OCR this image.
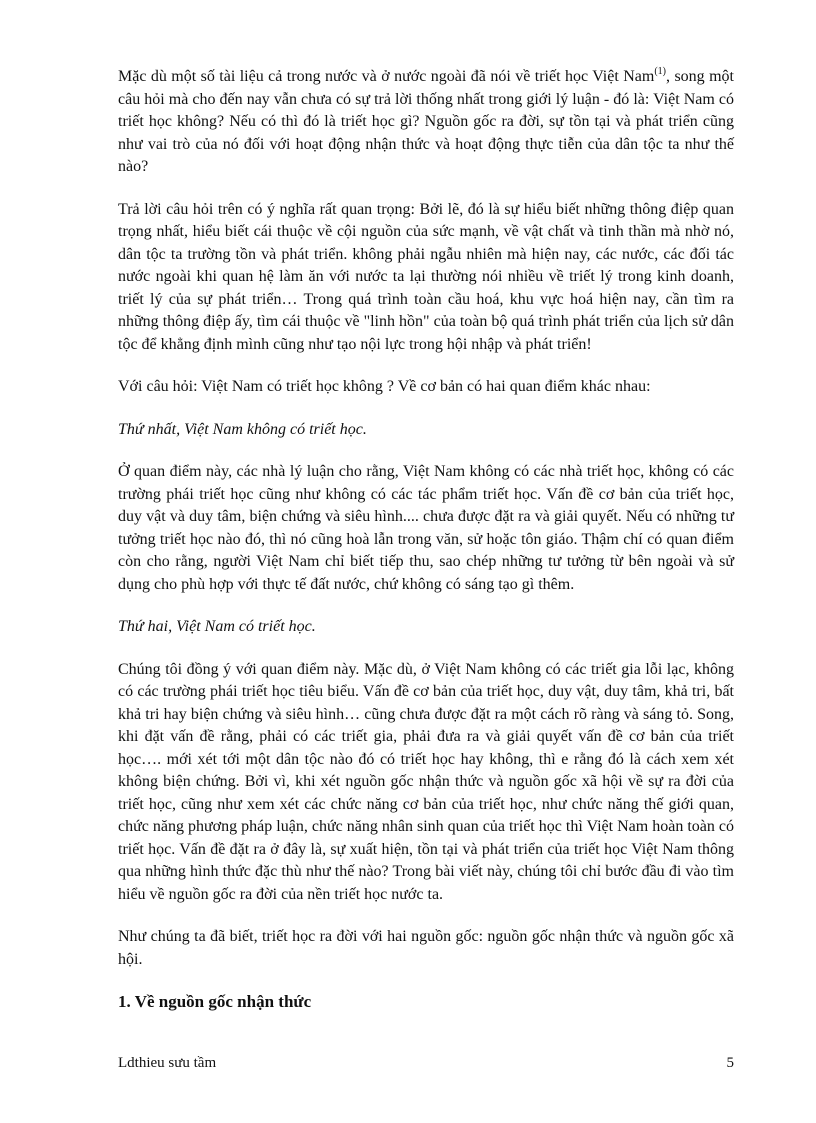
Mặc dù một số tài liệu cả trong nước và ở nước ngoài đã nói về triết học Việt Nam$^{(1)}$, song một câu hỏi mà cho đến nay vẫn chưa có sự trả lời thống nhất trong giới lý luận - đó là: Việt Nam có triết học không? Nếu có thì đó là triết học gì? Nguồn gốc ra đời, sự tồn tại và phát triển cũng như vai trò của nó đối với hoạt động nhận thức và hoạt động thực tiễn của dân tộc ta như thế nào?

Trả lời câu hỏi trên có ý nghĩa rất quan trọng: Bởi lẽ, đó là sự hiểu biết những thông điệp quan trọng nhất, hiểu biết cái thuộc về cội nguồn của sức mạnh, về vật chất và tinh thần mà nhờ nó, dân tộc ta trường tồn và phát triển. không phải ngẫu nhiên mà hiện nay, các nước, các đối tác nước ngoài khi quan hệ làm ăn với nước ta lại thường nói nhiều về triết lý trong kinh doanh, triết lý của sự phát triển… Trong quá trình toàn cầu hoá, khu vực hoá hiện nay, cần tìm ra những thông điệp ấy, tìm cái thuộc về "linh hồn" của toàn bộ quá trình phát triển của lịch sử dân tộc để khẳng định mình cũng như tạo nội lực trong hội nhập và phát triển!

Với câu hỏi: Việt Nam có triết học không ? Về cơ bản có hai quan điểm khác nhau:

Thứ nhất, Việt Nam không có triết học.

Ở quan điểm này, các nhà lý luận cho rằng, Việt Nam không có các nhà triết học, không có các trường phái triết học cũng như không có các tác phẩm triết học. Vấn đề cơ bản của triết học, duy vật và duy tâm, biện chứng và siêu hình.... chưa được đặt ra và giải quyết. Nếu có những tư tưởng triết học nào đó, thì nó cũng hoà lẫn trong văn, sử hoặc tôn giáo. Thậm chí có quan điểm còn cho rằng, người Việt Nam chỉ biết tiếp thu, sao chép những tư tưởng từ bên ngoài và sử dụng cho phù hợp với thực tế đất nước, chứ không có sáng tạo gì thêm.

Thứ hai, Việt Nam có triết học.

Chúng tôi đồng ý với quan điểm này. Mặc dù, ở Việt Nam không có các triết gia lỗi lạc, không có các trường phái triết học tiêu biểu. Vấn đề cơ bản của triết học, duy vật, duy tâm, khả tri, bất khả tri hay biện chứng và siêu hình… cũng chưa được đặt ra một cách rõ ràng và sáng tỏ. Song, khi đặt vấn đề rằng, phải có các triết gia, phải đưa ra và giải quyết vấn đề cơ bản của triết học…. mới xét tới một dân tộc nào đó có triết học hay không, thì e rằng đó là cách xem xét không biện chứng. Bởi vì, khi xét nguồn gốc nhận thức và nguồn gốc xã hội về sự ra đời của triết học, cũng như xem xét các chức năng cơ bản của triết học, như chức năng thế giới quan, chức năng phương pháp luận, chức năng nhân sinh quan của triết học thì Việt Nam hoàn toàn có triết học. Vấn đề đặt ra ở đây là, sự xuất hiện, tồn tại và phát triển của triết học Việt Nam thông qua những hình thức đặc thù như thế nào? Trong bài viết này, chúng tôi chỉ bước đầu đi vào tìm hiểu về nguồn gốc ra đời của nền triết học nước ta.

Như chúng ta đã biết, triết học ra đời với hai nguồn gốc: nguồn gốc nhận thức và nguồn gốc xã hội.

1. Về nguồn gốc nhận thức
Ldthieu sưu tầm	5
